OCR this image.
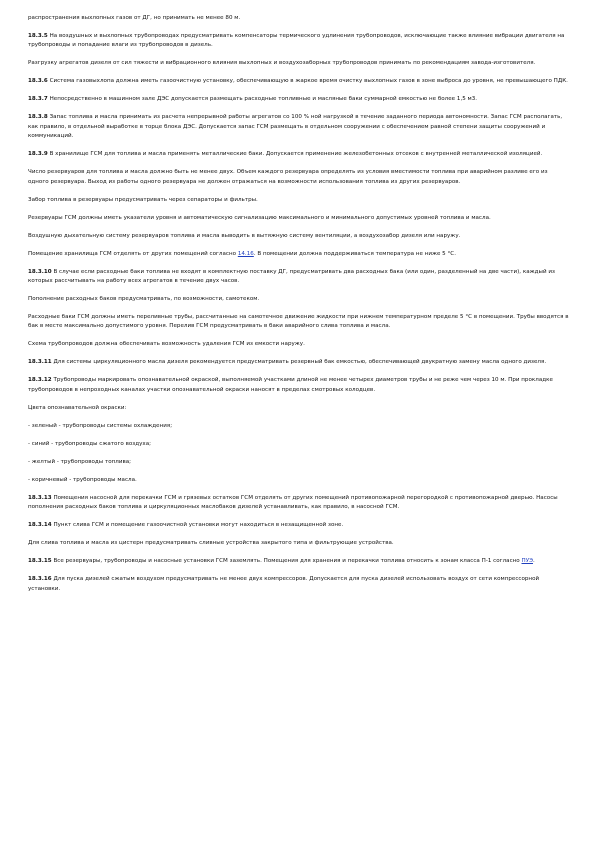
распространения выхлопных газов от ДГ, но принимать не менее 80 м.

18.3.5 На воздушных и выхлопных трубопроводах предусматривать компенсаторы термического удлинения трубопроводов, исключающие также влияние вибрации двигателя на трубопроводы и попадание влаги из трубопроводов в дизель.

Разгрузку агрегатов дизеля от сил тяжести и вибрационного влияния выхлопных и воздухозаборных трубопроводов принимать по рекомендациям завода-изготовителя.

18.3.6 Система газовыхлопа должна иметь газоочистную установку, обеспечивающую в жаркое время очистку выхлопных газов в зоне выброса до уровня, не превышающего ПДК.

18.3.7 Непосредственно в машинном зале ДЭС допускается размещать расходные топливные и масляные баки суммарной емкостью не более 1,5 м3.

18.3.8 Запас топлива и масла принимать из расчета непрерывной работы агрегатов со 100 % ной нагрузкой в течение заданного периода автономности. Запас ГСМ располагать, как правило, в отдельной выработке в торце блока ДЭС. Допускается запас ГСМ размещать в отдельном сооружении с обеспечением равной степени защиты сооружений и коммуникаций.

18.3.9 В хранилище ГСМ для топлива и масла применять металлические баки. Допускается применение железобетонных отсеков с внутренней металлической изоляцией.

Число резервуаров для топлива и масла должно быть не менее двух. Объем каждого резервуара определять из условия вместимости топлива при аварийном разливе его из одного резервуара. Выход из работы одного резервуара не должен отражаться на возможности использования топлива из других резервуаров.

Забор топлива в резервуары предусматривать через сепараторы и фильтры.

Резервуары ГСМ должны иметь указатели уровня и автоматическую сигнализацию максимального и минимального допустимых уровней топлива и масла.

Воздушную дыхательную систему резервуаров топлива и масла выводить в вытяжную систему вентиляции, а воздухозабор дизеля или наружу.

Помещение хранилища ГСМ отделять от других помещений согласно 14.16. В помещении должна поддерживаться температура не ниже 5 °С.

18.3.10 В случае если расходные баки топлива не входят в комплектную поставку ДГ, предусматривать два расходных бака (или один, разделенный на две части), каждый из которых рассчитывать на работу всех агрегатов в течение двух часов.

Пополнение расходных баков предусматривать, по возможности, самотеком.

Расходные баки ГСМ должны иметь переливные трубы, рассчитанные на самотечное движение жидкости при нижнем температурном пределе 5 °С в помещении. Трубы вводятся в бак в месте максимально допустимого уровня. Перелив ГСМ предусматривать в баки аварийного слива топлива и масла.

Схема трубопроводов должна обеспечивать возможность удаления ГСМ из емкости наружу.

18.3.11 Для системы циркуляционного масла дизеля рекомендуется предусматривать резервный бак емкостью, обеспечивающей двукратную замену масла одного дизеля.

18.3.12 Трубопроводы маркировать опознавательной окраской, выполняемой участками длиной не менее четырех диаметров трубы и не реже чем через 10 м. При прокладке трубопроводов в непроходных каналах участки опознавательной окраски наносят в пределах смотровых колодцев.

Цвета опознавательной окраски:

- зеленый - трубопроводы системы охлаждения;

- синий - трубопроводы сжатого воздуха;

- желтый - трубопроводы топлива;

- коричневый - трубопроводы масла.

18.3.13 Помещения насосной для перекачки ГСМ и грязевых остатков ГСМ отделять от других помещений противопожарной перегородкой с противопожарной дверью. Насосы пополнения расходных баков топлива и циркуляционных маслобаков дизелей устанавливать, как правило, в насосной ГСМ.

18.3.14 Пункт слива ГСМ и помещение газоочистной установки могут находиться в незащищенной зоне.

Для слива топлива и масла из цистерн предусматривать сливные устройства закрытого типа и фильтрующие устройства.

18.3.15 Все резервуары, трубопроводы и насосные установки ГСМ заземлять. Помещения для хранения и перекачки топлива относить к зонам класса П-1 согласно ПУЭ.

18.3.16 Для пуска дизелей сжатым воздухом предусматривать не менее двух компрессоров. Допускается для пуска дизелей использовать воздух от сети компрессорной установки.
